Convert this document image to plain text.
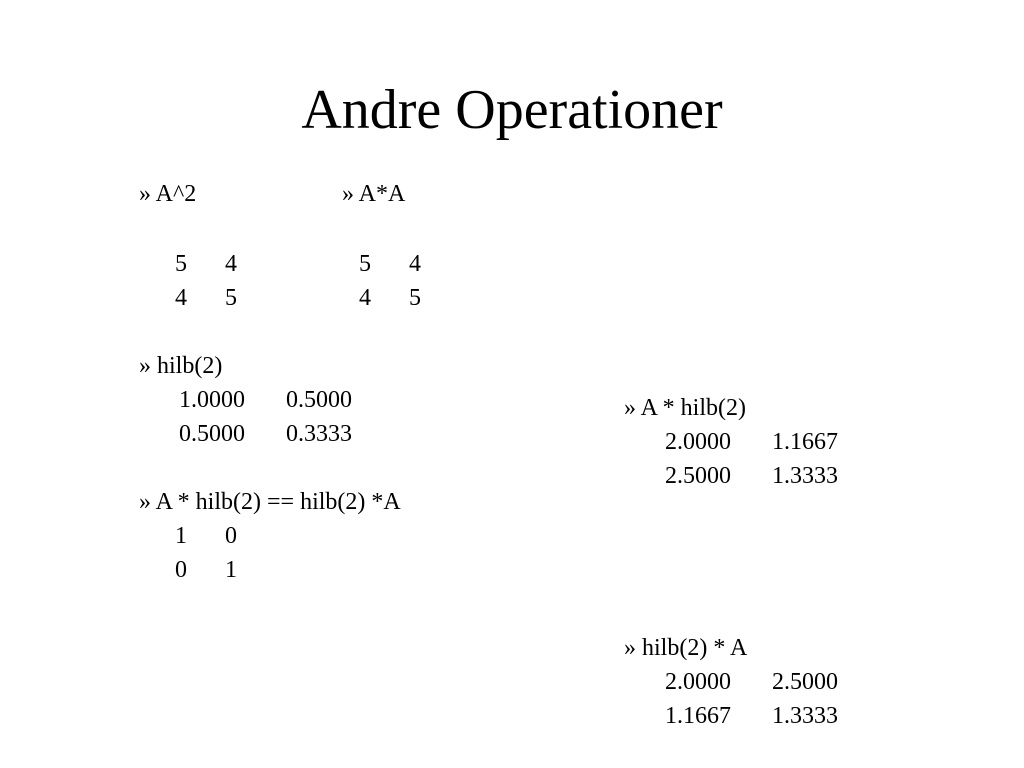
Andre Operationer
» A^2
5	4
4	5
» A*A
5	4
4	5
» hilb(2)
1.0000	0.5000
0.5000	0.3333
» A * hilb(2) == hilb(2) *A
1	0
0	1
» A * hilb(2)
2.0000	1.1667
2.5000	1.3333
» hilb(2) * A
2.0000	2.5000
1.1667	1.3333
